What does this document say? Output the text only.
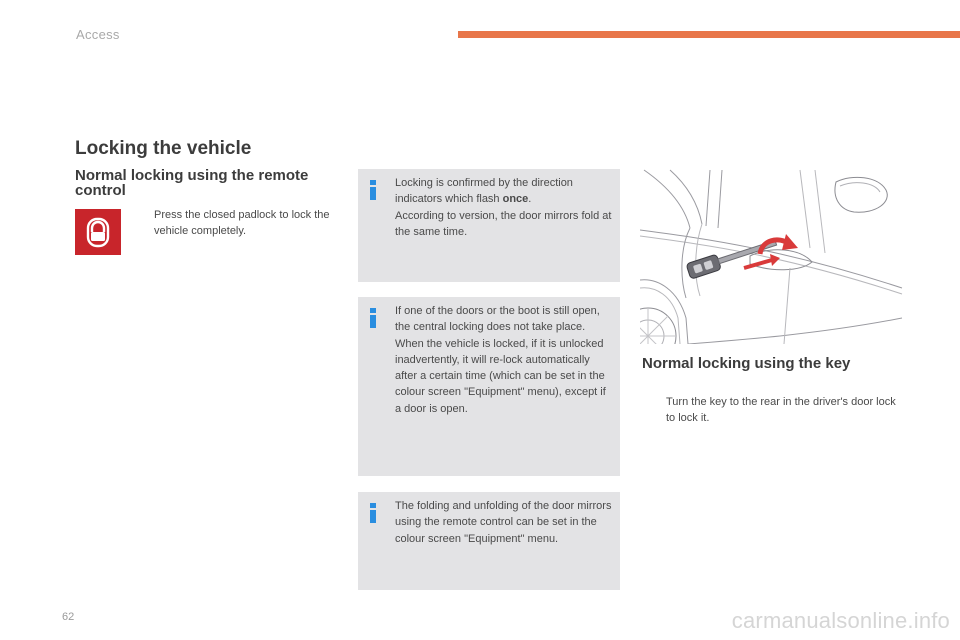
Access
Locking the vehicle
Normal locking using the remote control
Press the closed padlock to lock the vehicle completely.

Locking is confirmed by the direction indicators which flash once.

According to version, the door mirrors fold at the same time.

If one of the doors or the boot is still open, the central locking does not take place.

When the vehicle is locked, if it is unlocked inadvertently, it will re-lock automatically after a certain time (which can be set in the colour screen "Equipment" menu), except if a door is open.

The folding and unfolding of the door mirrors using the remote control can be set in the colour screen "Equipment" menu.

Normal locking using the key
Turn the key to the rear in the driver's door lock to lock it.

62	carmanualsonline.info
